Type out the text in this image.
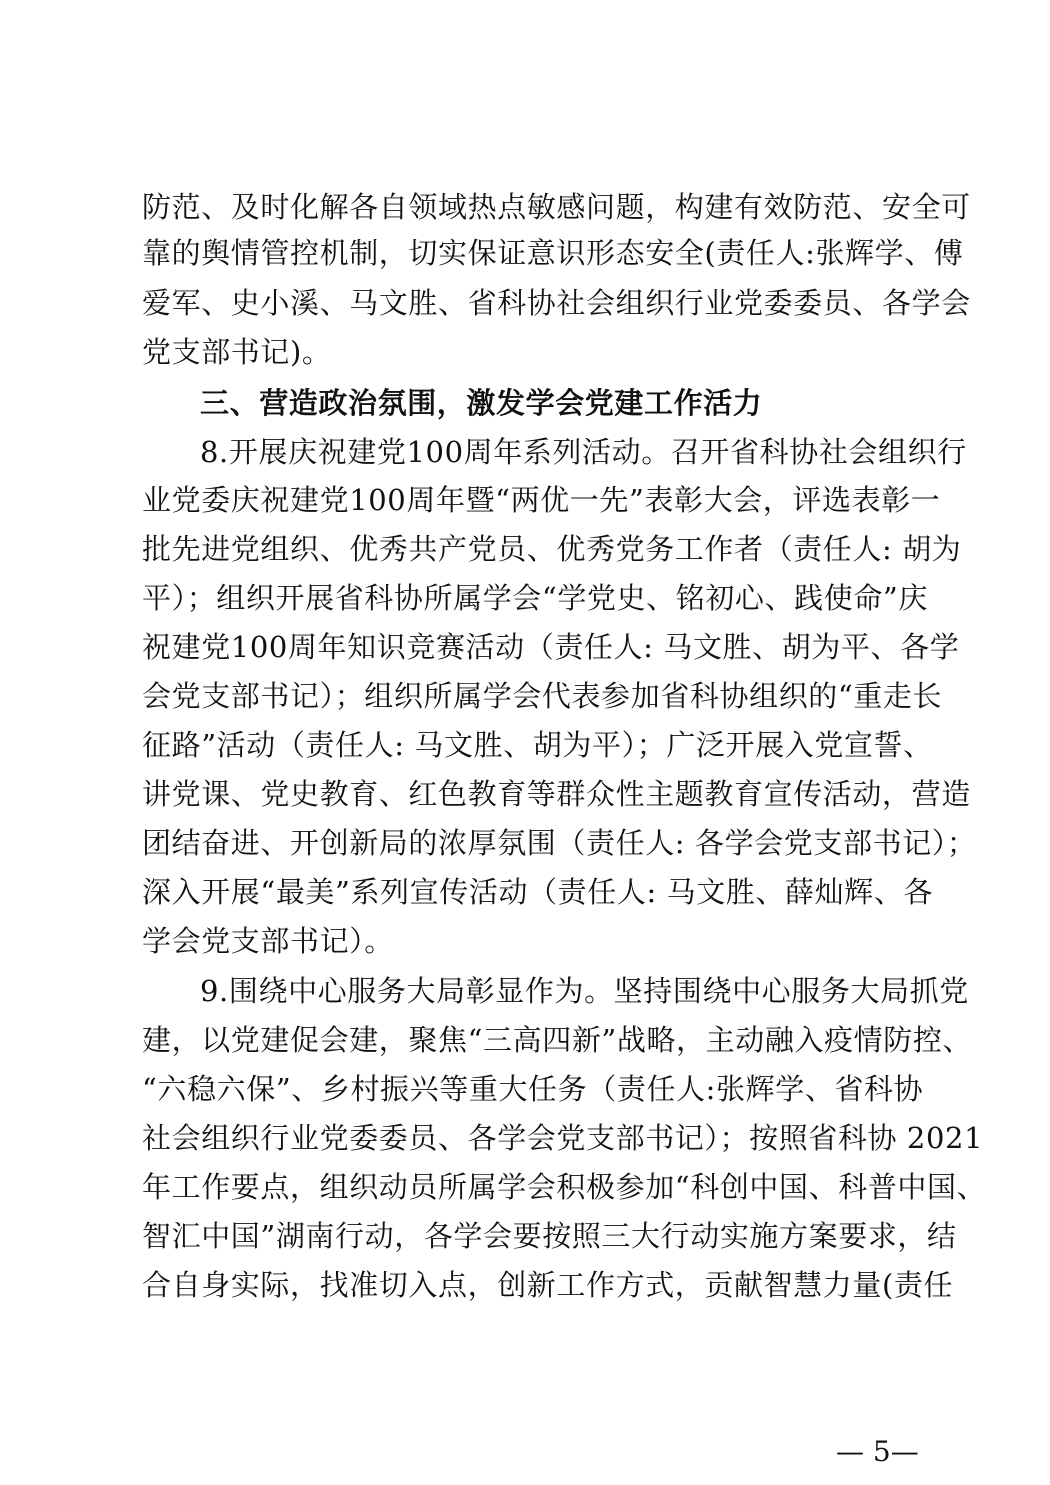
防范、及时化解各自领域热点敏感问题，构建有效防范、安全可
靠的舆情管控机制，切实保证意识形态安全(责任人:张辉学、傅
爱军、史小溪、马文胜、省科协社会组织行业党委委员、各学会
党支部书记)。
三、营造政治氛围，激发学会党建工作活力
8.开展庆祝建党100周年系列活动。召开省科协社会组织行
业党委庆祝建党100周年暨“两优一先”表彰大会，评选表彰一
批先进党组织、优秀共产党员、优秀党务工作者（责任人: 胡为
平）；组织开展省科协所属学会“学党史、铭初心、践使命”庆
祝建党100周年知识竞赛活动（责任人: 马文胜、胡为平、各学
会党支部书记）；组织所属学会代表参加省科协组织的“重走长
征路”活动（责任人: 马文胜、胡为平）；广泛开展入党宣誓、
讲党课、党史教育、红色教育等群众性主题教育宣传活动，营造
团结奋进、开创新局的浓厚氛围（责任人: 各学会党支部书记）；
深入开展“最美”系列宣传活动（责任人: 马文胜、薛灿辉、各
学会党支部书记）。
9.围绕中心服务大局彰显作为。坚持围绕中心服务大局抓党
建，以党建促会建，聚焦“三高四新”战略，主动融入疫情防控、
“六稳六保”、乡村振兴等重大任务（责任人:张辉学、省科协
社会组织行业党委委员、各学会党支部书记）；按照省科协 2021
年工作要点，组织动员所属学会积极参加“科创中国、科普中国、
智汇中国”湖南行动，各学会要按照三大行动实施方案要求，结
合自身实际，找准切入点，创新工作方式，贡献智慧力量(责任
— 5—
